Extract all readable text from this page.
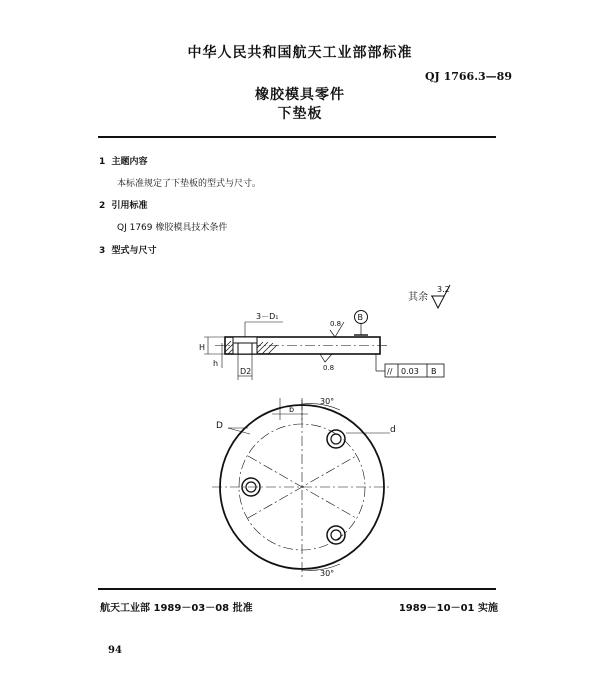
中华人民共和国航天工业部部标准
QJ 1766.3—89
橡胶模具零件
下垫板
1 主题内容
本标准规定了下垫板的型式与尺寸。
2 引用标准
QJ 1769 橡胶模具技术条件
3 型式与尺寸
其余
3.2
3－D₁
H
h
D2
0.8
B
0.8	// 0.03 B
D	d
b
30°
30°
航天工业部 1989－03－08 批准	1989－10－01 实施
94
